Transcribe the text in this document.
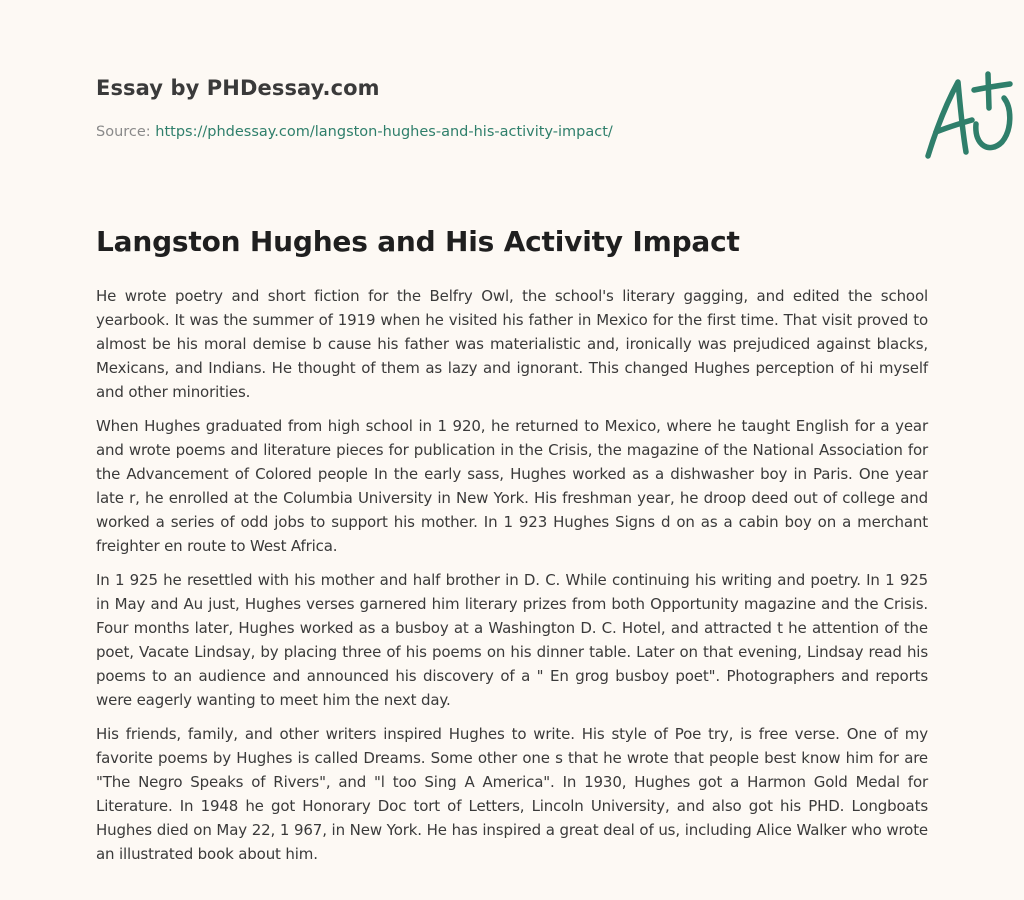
Essay by PHDessay.com
Source: https://phdessay.com/langston-hughes-and-his-activity-impact/
Langston Hughes and His Activity Impact

He wrote poetry and short fiction for the Belfry Owl, the school's literary gagging, and edited the school yearbook. It was the summer of 1919 when he visited his father in Mexico for the first time. That visit proved to almost be his moral demise b cause his father was materialistic and, ironically was prejudiced against blacks, Mexicans, and Indians. He thought of them as lazy and ignorant. This changed Hughes perception of hi myself and other minorities.

When Hughes graduated from high school in 1 920, he returned to Mexico, where he taught English for a year and wrote poems and literature pieces for publication in the Crisis, the magazine of the National Association for the Advancement of Colored people In the early sass, Hughes worked as a dishwasher boy in Paris. One year late r, he enrolled at the Columbia University in New York. His freshman year, he droop deed out of college and worked a series of odd jobs to support his mother. In 1 923 Hughes Signs d on as a cabin boy on a merchant freighter en route to West Africa.

In 1 925 he resettled with his mother and half brother in D. C. While continuing his writing and poetry. In 1 925 in May and Au just, Hughes verses garnered him literary prizes from both Opportunity magazine and the Crisis. Four months later, Hughes worked as a busboy at a Washington D. C. Hotel, and attracted t he attention of the poet, Vacate Lindsay, by placing three of his poems on his dinner table. Later on that evening, Lindsay read his poems to an audience and announced his discovery of a " En grog busboy poet". Photographers and reports were eagerly wanting to meet him the next day.

His friends, family, and other writers inspired Hughes to write. His style of Poe try, is free verse. One of my favorite poems by Hughes is called Dreams. Some other one s that he wrote that people best know him for are "The Negro Speaks of Rivers", and "l too Sing A America". In 1930, Hughes got a Harmon Gold Medal for Literature. In 1948 he got Honorary Doc tort of Letters, Lincoln University, and also got his PHD. Longboats Hughes died on May 22, 1 967, in New York. He has inspired a great deal of us, including Alice Walker who wrote an illustrated book about him.
